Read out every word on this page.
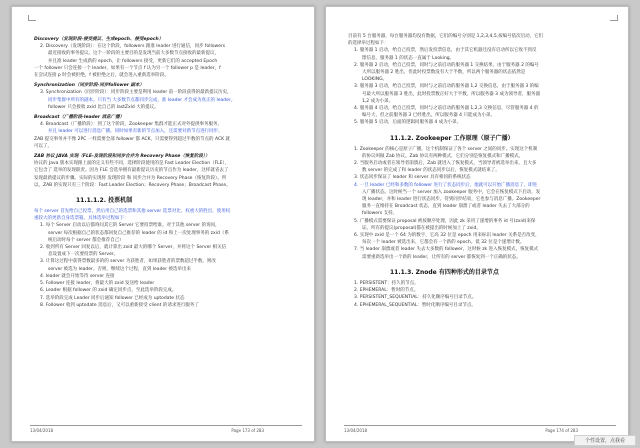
Discovery（发现阶段-接受提议、生成epoch、接受epoch）
2. Discovery（发现阶段）：在这个阶段，followers 跟准 leader 进行通信，同步 followers
最近接收的事务提议。这个一阶段的主要目的是发现当前大多数节点接收的最新提议，
并且准 leader 生成新的 epoch，让 followers 接受，更新它们的 accepted Epoch
一个 follower 只会连接一个 leader，如果有一个节点 f 认为另一个 follower p 是 leader，f
在尝试连接 p 时会被拒绝，f 被拒绝之后，就会进入重新选举阶段。
Synchronization（同步阶段-同步follower 副本）
3. Synchronization（同步阶段）：同步阶段主要是利用 leader 前一阶段获得的最新提议历史，
同步集群中所有的副本。只有当 大多数节点都同步完成，准 leader 才会成为真正的 leader。
follower 只会接收 zxid 比自己的 lastZxid 大的提议。
Broadcast（广播阶段-leader 消息广播）
4. Broadcast（广播阶段）：到了这个阶段，Zookeeper 集群才能正式对外提供事务服务，
并且 leader 可以进行消息广播。同时如果有新的节点加入，还需要对新节点进行同步。
ZAB 提交事务并不像 2PC 一样需要全部 follower 都 ACK，只需要得到超过半数的节点的 ACK 就
可以了。
ZAB 协议 JAVA 实现（FLE-发现阶段和同步合并为 Recovery Phase（恢复阶段））
协议的 Java 版本实现跟上面的定义有些不同，选择阶段使用的是 Fast Leader Election（FLE），
它包含了 选举的发现职责。因为 FLE 会选举拥有最新提议历史的节点作为 leader，这样就省去了
发现最新提议的步骤。实际的实现将 发现阶段 和 同步合并为 Recovery Phase（恢复阶段）。所
以，ZAB 的实现只有三个阶段：Fast Leader Election；Recovery Phase；Broadcast Phase。
11.1.1.2. 投票机制
每个 server 首先给自己投票，然后用自己的选票和其他 server 选票对比，权重大的胜出，使用权
重较大的更新自身选票箱。具体选举过程如下：
1. 每个 Server 启动以后都询问其它的 Server 它要投票给谁。对于其他 server 的询问，
server 每次根据自己的状态都回复自己推荐的 leader 的 id 和上一次处理事务的 zxid（系
统启动时每个 server 都会推荐自己）
2. 收到所有 Server 回复以后，就计算出 zxid 最大的哪个 Server，并将这个 Server 相关信
息设置成下一次要投票的 Server。
3. 计算这过程中获得票数最多的的 server 为获胜者，如果获胜者的票数超过半数，则改
server 被选为 leader。否则，继续这个过程，直到 leader 被选举出来
4. leader 就会开始等待 server 连接
5. Follower 连接 leader，将最大的 zxid 发送给 leader
6. Leader 根据 follower 的 zxid 确定同步点，至此选举阶段完成。
7. 选举阶段完成 Leader 同步后通知 follower 已经成为 uptodate 状态
8. Follower 收到 uptodate 消息后，又可以重新接受 client 的请求进行服务了
13/04/2018	Page 173 of 283
目前有 5 台服务器，每台服务器均没有数据，它们的编号分别是 1,2,3,4,5,按编号依次启动，它们
的选择举过程如下：
1. 服务器 1 启动，给自己投票，然后发投票信息，由于其它机器还没有启动所以它收不到反
馈信息，服务器 1 的状态一直属于 Looking。
2. 服务器 2 启动，给自己投票，同时与之前启动的服务器 1 交换结果，由于服务器 2 的编号
大所以服务器 2 胜出，但此时投票数没有大于半数，所以两个服务器的状态依然是
LOOKING。
3. 服务器 3 启动，给自己投票，同时与之前启动的服务器 1,2 交换信息，由于服务器 3 的编
号最大所以服务器 3 胜出，此时投票数正好大于半数，所以服务器 3 成为领导者，服务器
1,2 成为小弟。
4. 服务器 4 启动，给自己投票，同时与之前启动的服务器 1,2,3 交换信息，尽管服务器 4 的
编号大，但之前服务器 3 已经胜出，所以服务器 4 只能成为小弟。
5. 服务器 5 启动，后面的逻辑同服务器 4 成为小弟。
11.1.2. Zookeeper 工作原理（原子广播）
1. Zookeeper 的核心是原子广播，这个机制保证了各个 server 之间的同步。实现这个机制
的协议叫做 Zab 协议。Zab 协议有两种模式，它们分别是恢复模式和广播模式。
2. 当服务启动或者在领导者崩溃后，Zab 就进入了恢复模式，当领导者被选举出来，且大多
数 server 的完成了和 leader 的状态同步以后，恢复模式就结束了。
3. 状态同步保证了 leader 和 server 具有相同的系统状态
4. 一旦 leader 已经和多数的 follower 进行了状态同步后，他就可以开始广播消息了，即进
入广播状态。这时候当一个 server 加入 zookeeper 服务中，它会在恢复模式下启动，发
现 leader，并和 leader 进行状态同步。待到同步结束，它也参与消息广播。Zookeeper
服务一直维持在 Broadcast 状态，直到 leader 崩溃了或者 leader 失去了大部分的
followers 支持。
5. 广播模式需要保证 proposal 被按顺序处理，因此 zk 采用了递增的事务 id 号(zxid)来保
证。所有的提议(proposal)都在被提出的时候加上了 zxid。
6. 实现中 zxid 是一个 64 为的数字，它高 32 位是 epoch 用来标识 leader 关系是否改变，
每次一个 leader 被选出来，它都会有一个新的 epoch。低 32 位是个递增计数。
7. 当 leader 崩溃或者 leader 失去大多数的 follower，这时候 zk 进入恢复模式，恢复模式
需要重新选举出一个新的 leader，让所有的 server 都恢复到一个正确的状态。
11.1.3. Znode 有四种形式的目录节点
1. PERSISTENT：持久的节点。
2. EPHEMERAL：暂时的节点。
3. PERSISTENT_SEQUENTIAL：持久化顺序编号目录节点。
4. EPHEMERAL_SEQUENTIAL：暂时化顺序编号目录节点。
13/04/2018	Page 174 of 283
个性设置，点我看
